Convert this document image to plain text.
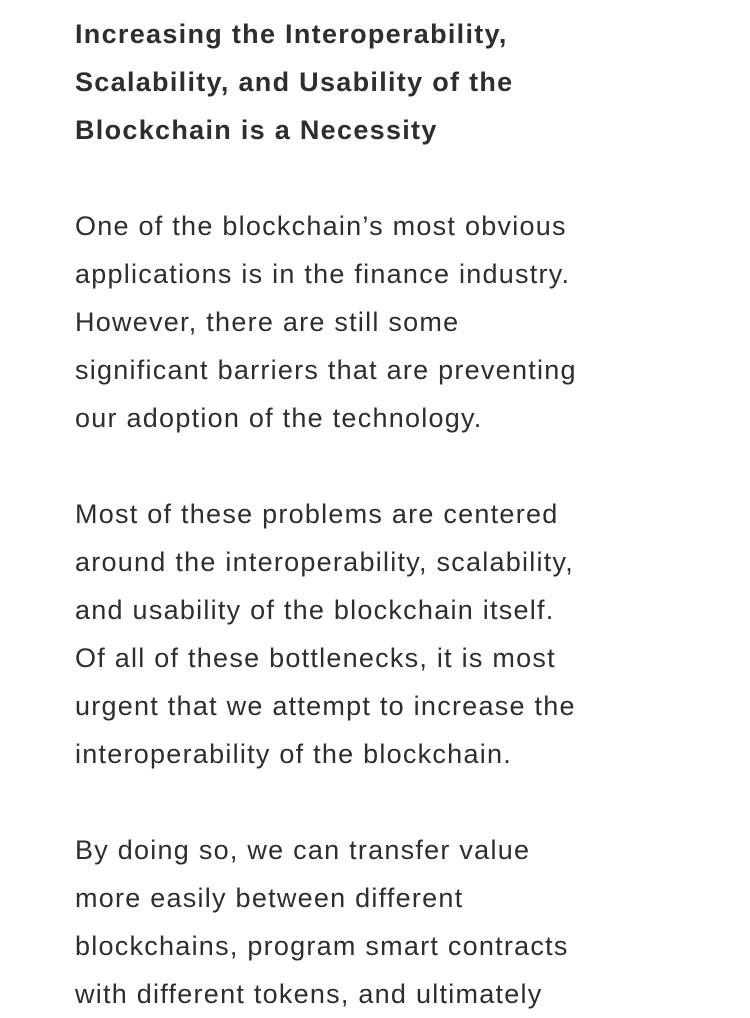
Increasing the Interoperability,
Scalability, and Usability of the
Blockchain is a Necessity

One of the blockchain’s most obvious
applications is in the finance industry.
However, there are still some
significant barriers that are preventing
our adoption of the technology.

Most of these problems are centered
around the interoperability, scalability,
and usability of the blockchain itself.
Of all of these bottlenecks, it is most
urgent that we attempt to increase the
interoperability of the blockchain.

By doing so, we can transfer value
more easily between different
blockchains, program smart contracts
with different tokens, and ultimately
